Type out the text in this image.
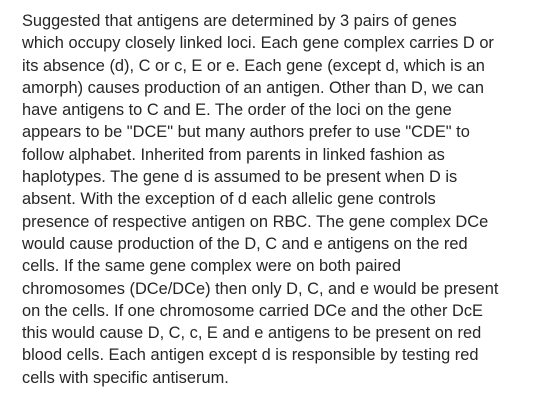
Suggested that antigens are determined by 3 pairs of genes
which occupy closely linked loci. Each gene complex carries D or
its absence (d), C or c, E or e. Each gene (except d, which is an
amorph) causes production of an antigen. Other than D, we can
have antigens to C and E. The order of the loci on the gene
appears to be "DCE" but many authors prefer to use "CDE" to
follow alphabet. Inherited from parents in linked fashion as
haplotypes. The gene d is assumed to be present when D is
absent. With the exception of d each allelic gene controls
presence of respective antigen on RBC. The gene complex DCe
would cause production of the D, C and e antigens on the red
cells. If the same gene complex were on both paired
chromosomes (DCe/DCe) then only D, C, and e would be present
on the cells. If one chromosome carried DCe and the other DcE
this would cause D, C, c, E and e antigens to be present on red
blood cells. Each antigen except d is responsible by testing red
cells with specific antiserum.
